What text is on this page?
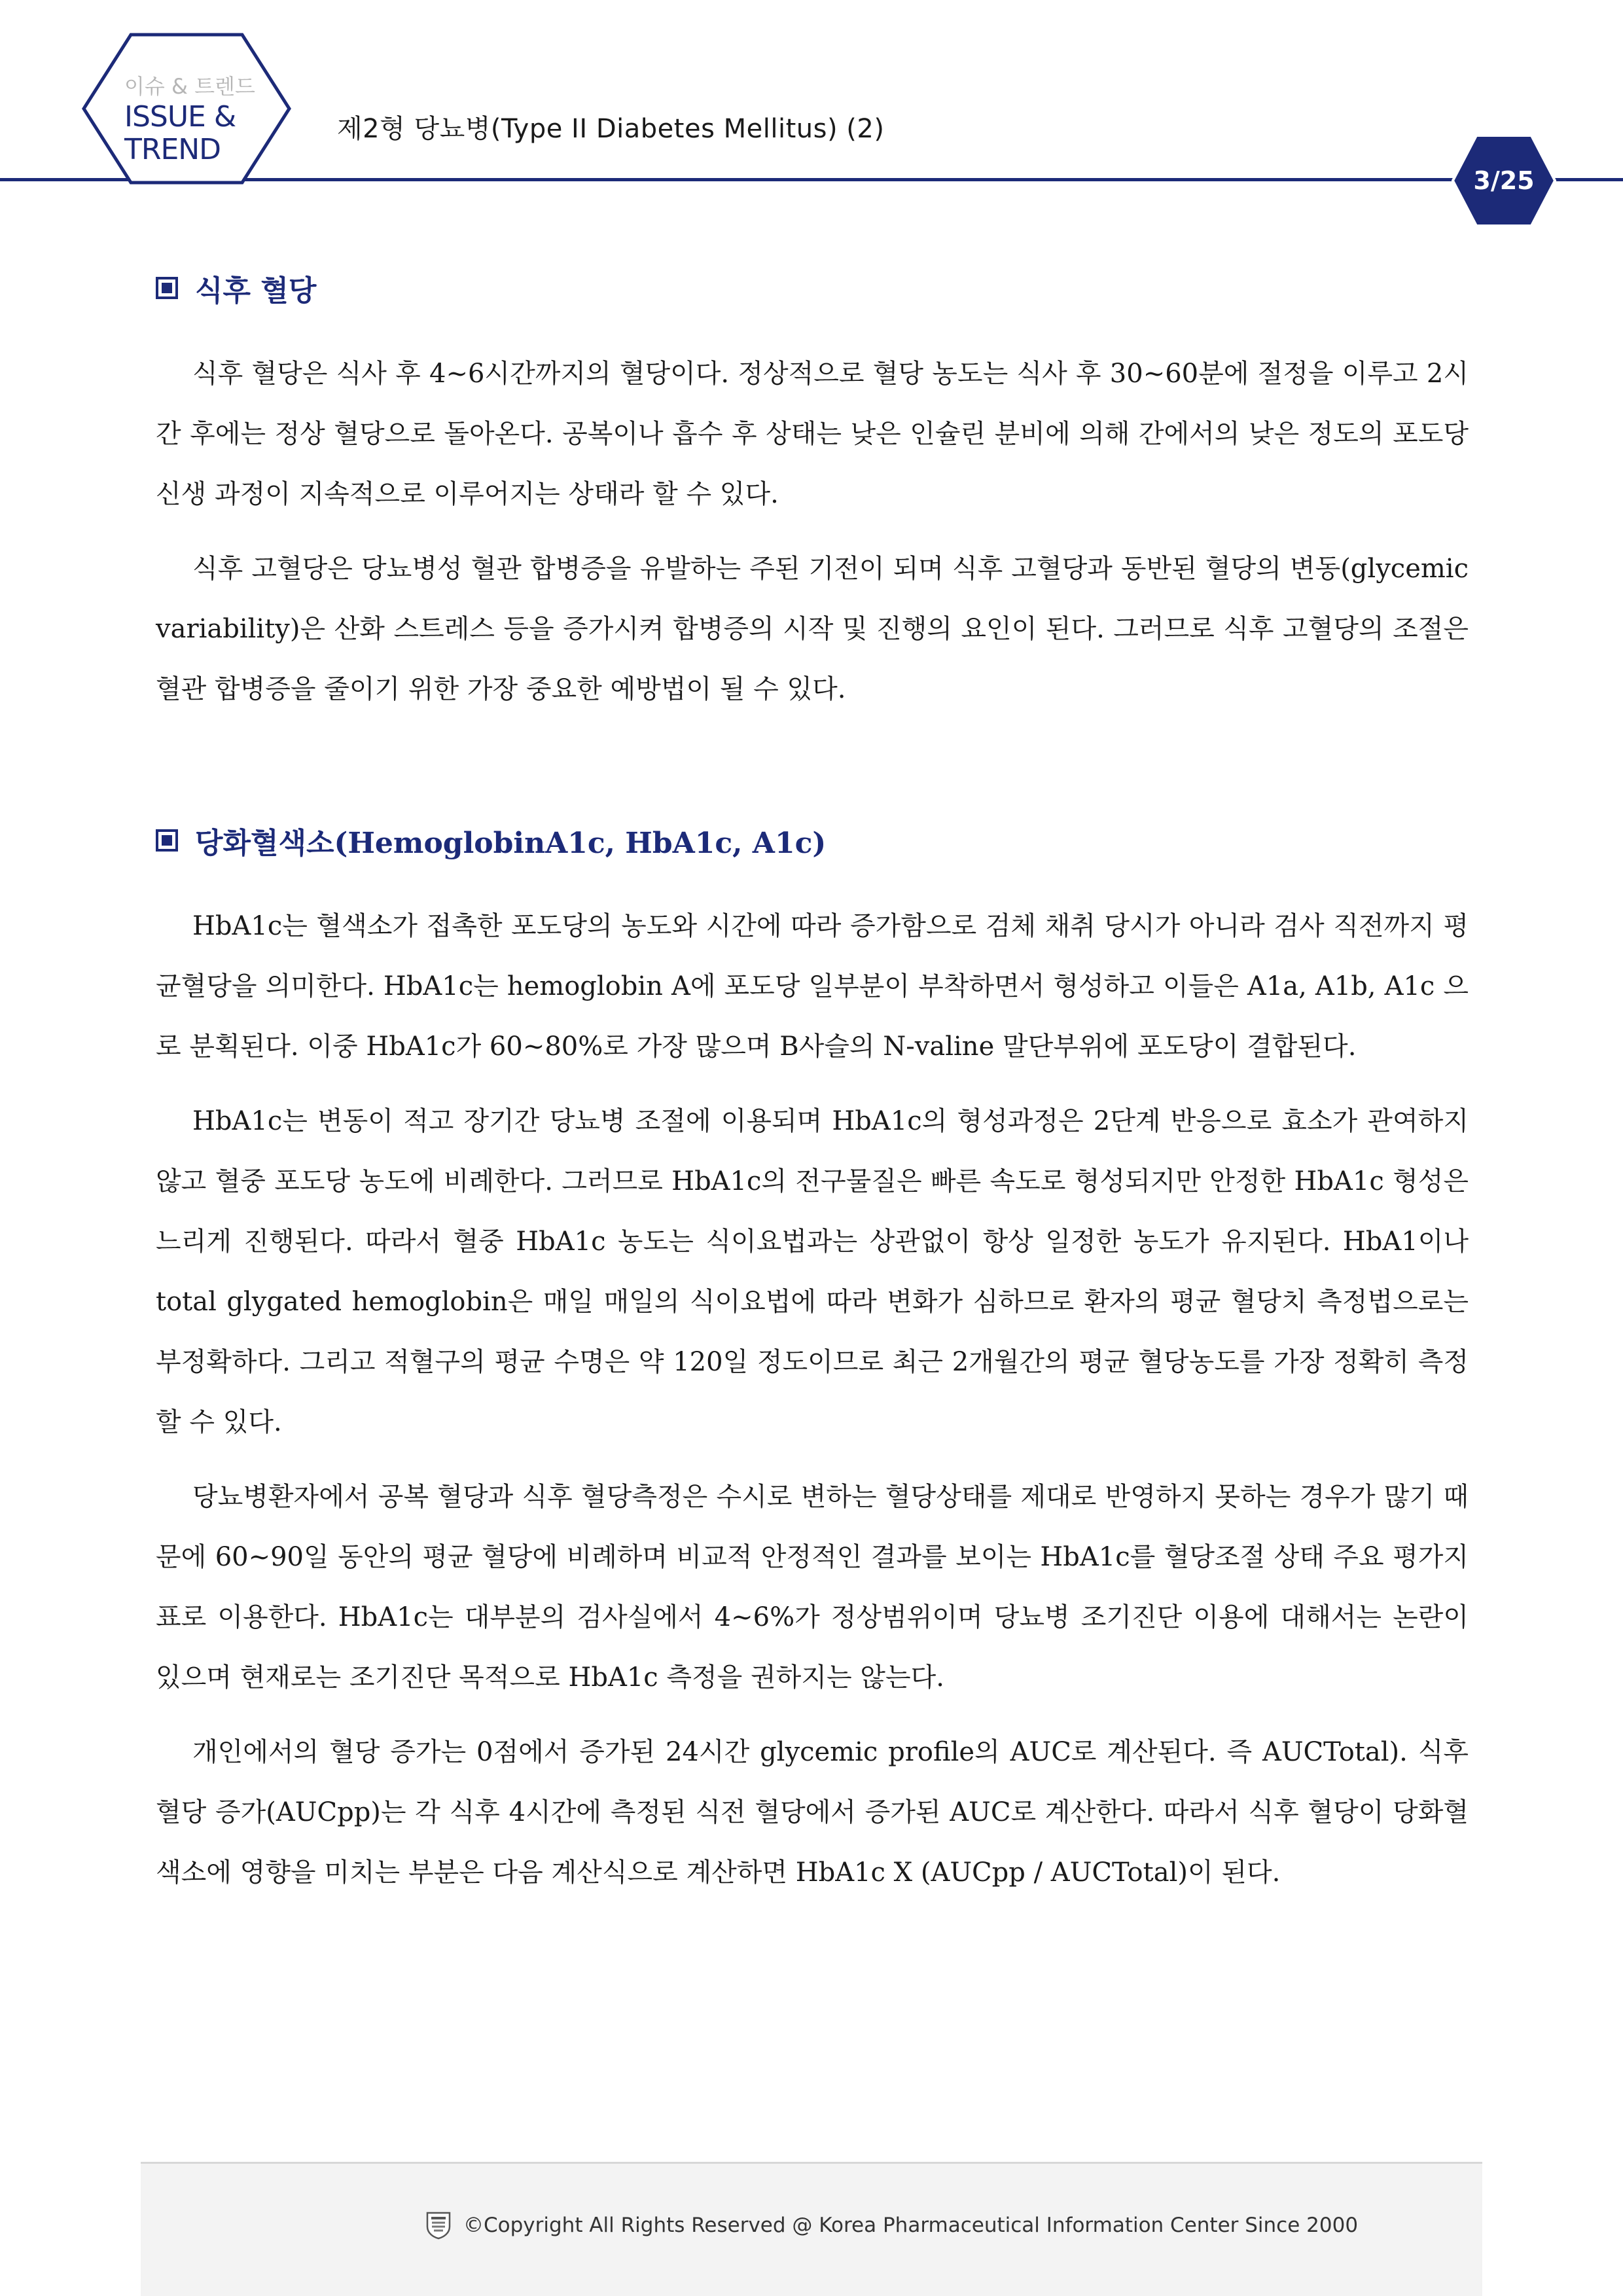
이슈 & 트렌드
ISSUE &
TREND
제2형 당뇨병(Type II Diabetes Mellitus) (2)
3/25
식후 혈당

식후 혈당은 식사 후 4~6시간까지의 혈당이다. 정상적으로 혈당 농도는 식사 후 30~60분에 절정을 이루고 2시간 후에는 정상 혈당으로 돌아온다. 공복이나 흡수 후 상태는 낮은 인슐린 분비에 의해 간에서의 낮은 정도의 포도당 신생 과정이 지속적으로 이루어지는 상태라 할 수 있다.

식후 고혈당은 당뇨병성 혈관 합병증을 유발하는 주된 기전이 되며 식후 고혈당과 동반된 혈당의 변동(glycemic variability)은 산화 스트레스 등을 증가시켜 합병증의 시작 및 진행의 요인이 된다. 그러므로 식후 고혈당의 조절은 혈관 합병증을 줄이기 위한 가장 중요한 예방법이 될 수 있다.

당화혈색소(HemoglobinA1c, HbA1c, A1c)

HbA1c는 혈색소가 접촉한 포도당의 농도와 시간에 따라 증가함으로 검체 채취 당시가 아니라 검사 직전까지 평균혈당을 의미한다. HbA1c는 hemoglobin A에 포도당 일부분이 부착하면서 형성하고 이들은 A1a, A1b, A1c 으로 분획된다. 이중 HbA1c가 60~80%로 가장 많으며 B사슬의 N-valine 말단부위에 포도당이 결합된다.

HbA1c는 변동이 적고 장기간 당뇨병 조절에 이용되며 HbA1c의 형성과정은 2단계 반응으로 효소가 관여하지 않고 혈중 포도당 농도에 비례한다. 그러므로 HbA1c의 전구물질은 빠른 속도로 형성되지만 안정한 HbA1c 형성은 느리게 진행된다. 따라서 혈중 HbA1c 농도는 식이요법과는 상관없이 항상 일정한 농도가 유지된다. HbA1이나 total glygated hemoglobin은 매일 매일의 식이요법에 따라 변화가 심하므로 환자의 평균 혈당치 측정법으로는 부정확하다. 그리고 적혈구의 평균 수명은 약 120일 정도이므로 최근 2개월간의 평균 혈당농도를 가장 정확히 측정할 수 있다.

당뇨병환자에서 공복 혈당과 식후 혈당측정은 수시로 변하는 혈당상태를 제대로 반영하지 못하는 경우가 많기 때문에 60~90일 동안의 평균 혈당에 비례하며 비교적 안정적인 결과를 보이는 HbA1c를 혈당조절 상태 주요 평가지표로 이용한다. HbA1c는 대부분의 검사실에서 4~6%가 정상범위이며 당뇨병 조기진단 이용에 대해서는 논란이 있으며 현재로는 조기진단 목적으로 HbA1c 측정을 권하지는 않는다.

개인에서의 혈당 증가는 0점에서 증가된 24시간 glycemic profile의 AUC로 계산된다. 즉 AUCTotal). 식후 혈당 증가(AUCpp)는 각 식후 4시간에 측정된 식전 혈당에서 증가된 AUC로 계산한다. 따라서 식후 혈당이 당화혈색소에 영향을 미치는 부분은 다음 계산식으로 계산하면 HbA1c X (AUCpp / AUCTotal)이 된다.

©Copyright All Rights Reserved @ Korea Pharmaceutical Information Center Since 2000
